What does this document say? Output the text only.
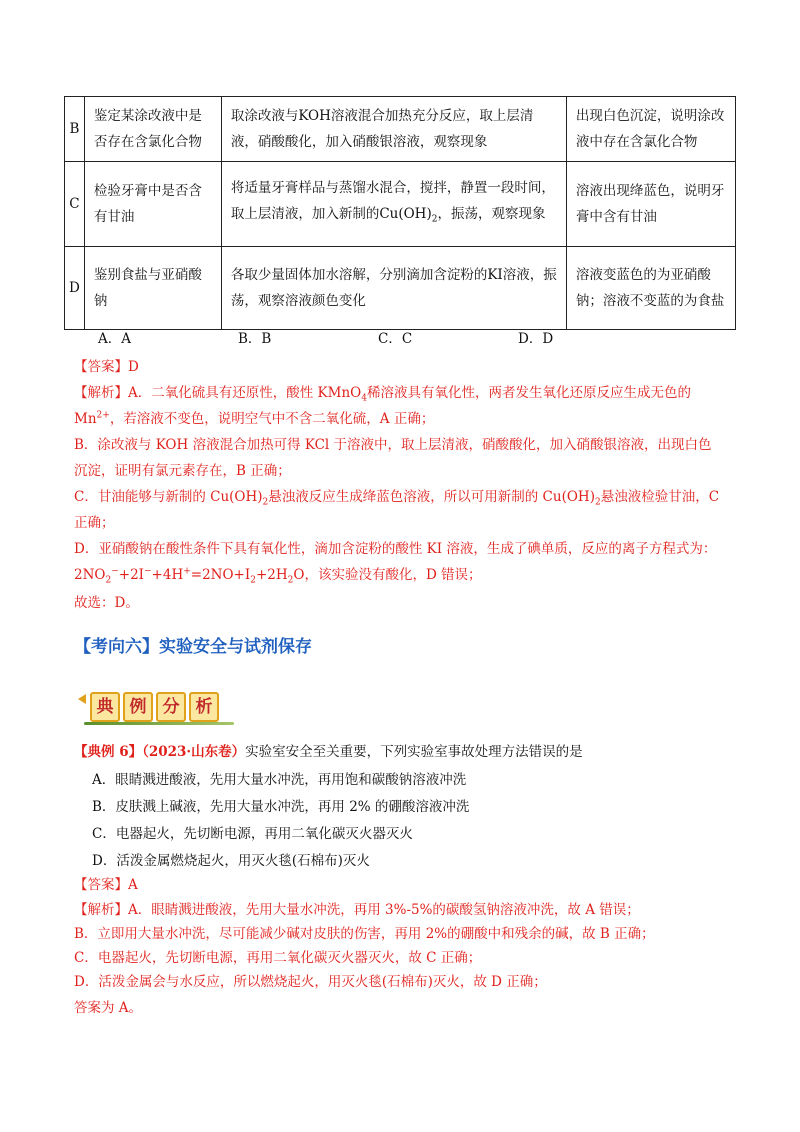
B	鉴定某涂改液中是否存在含氯化合物	取涂改液与KOH溶液混合加热充分反应，取上层清液，硝酸酸化，加入硝酸银溶液，观察现象	出现白色沉淀，说明涂改液中存在含氯化合物
C	检验牙膏中是否含有甘油	将适量牙膏样品与蒸馏水混合，搅拌，静置一段时间，取上层清液，加入新制的$Cu(OH)_2$，振荡，观察现象	溶液出现绛蓝色，说明牙膏中含有甘油
D	鉴别食盐与亚硝酸钠	各取少量固体加水溶解，分别滴加含淀粉的KI溶液，振荡，观察溶液颜色变化	溶液变蓝色的为亚硝酸钠；溶液不变蓝的为食盐
A．A	B．B	C．C	D．D
【答案】D
【解析】A．二氧化硫具有还原性，酸性 KMnO$_4$稀溶液具有氧化性，两者发生氧化还原反应生成无色的
$Mn^{2+}$，若溶液不变色，说明空气中不含二氧化硫，A 正确；
B．涂改液与 KOH 溶液混合加热可得 KCl 于溶液中，取上层清液，硝酸酸化，加入硝酸银溶液，出现白色
沉淀，证明有氯元素存在，B 正确；
C．甘油能够与新制的 $Cu(OH)_2$悬浊液反应生成绛蓝色溶液，所以可用新制的 $Cu(OH)_2$悬浊液检验甘油，C
正确；
D．亚硝酸钠在酸性条件下具有氧化性，滴加含淀粉的酸性 KI 溶液，生成了碘单质，反应的离子方程式为：
$2NO_2^-+2I^-+4H^+=2NO+I_2+2H_2O$，该实验没有酸化，D 错误；
故选：D。
【考向六】实验安全与试剂保存
典 例 分 析
【典例 6】（2023·山东卷）实验室安全至关重要，下列实验室事故处理方法错误的是
A．眼睛溅进酸液，先用大量水冲洗，再用饱和碳酸钠溶液冲洗
B．皮肤溅上碱液，先用大量水冲洗，再用 2% 的硼酸溶液冲洗
C．电器起火，先切断电源，再用二氧化碳灭火器灭火
D．活泼金属燃烧起火，用灭火毯(石棉布)灭火
【答案】A
【解析】A．眼睛溅进酸液，先用大量水冲洗，再用 3%-5%的碳酸氢钠溶液冲洗，故 A 错误；
B．立即用大量水冲洗，尽可能减少碱对皮肤的伤害，再用 2%的硼酸中和残余的碱，故 B 正确；
C．电器起火，先切断电源，再用二氧化碳灭火器灭火，故 C 正确；
D．活泼金属会与水反应，所以燃烧起火，用灭火毯(石棉布)灭火，故 D 正确；
答案为 A。
